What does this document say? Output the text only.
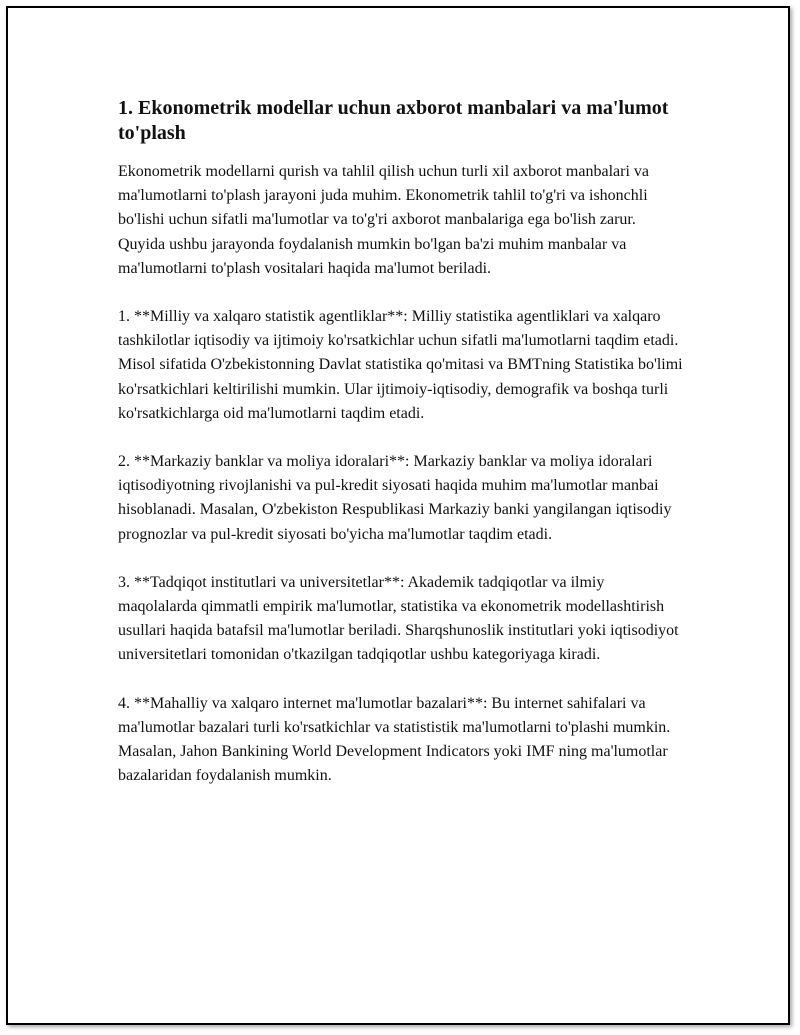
1. Ekonometrik modellar uchun axborot manbalari va ma'lumot to'plash

Ekonometrik modellarni qurish va tahlil qilish uchun turli xil axborot manbalari va ma'lumotlarni to'plash jarayoni juda muhim. Ekonometrik tahlil to'g'ri va ishonchli bo'lishi uchun sifatli ma'lumotlar va to'g'ri axborot manbalariga ega bo'lish zarur. Quyida ushbu jarayonda foydalanish mumkin bo'lgan ba'zi muhim manbalar va ma'lumotlarni to'plash vositalari haqida ma'lumot beriladi.

1. **Milliy va xalqaro statistik agentliklar**: Milliy statistika agentliklari va xalqaro tashkilotlar iqtisodiy va ijtimoiy ko'rsatkichlar uchun sifatli ma'lumotlarni taqdim etadi. Misol sifatida O'zbekistonning Davlat statistika qo'mitasi va BMTning Statistika bo'limi ko'rsatkichlari keltirilishi mumkin. Ular ijtimoiy-iqtisodiy, demografik va boshqa turli ko'rsatkichlarga oid ma'lumotlarni taqdim etadi.

2. **Markaziy banklar va moliya idoralari**: Markaziy banklar va moliya idoralari iqtisodiyotning rivojlanishi va pul-kredit siyosati haqida muhim ma'lumotlar manbai hisoblanadi. Masalan, O'zbekiston Respublikasi Markaziy banki yangilangan iqtisodiy prognozlar va pul-kredit siyosati bo'yicha ma'lumotlar taqdim etadi.

3. **Tadqiqot institutlari va universitetlar**: Akademik tadqiqotlar va ilmiy maqolalarda qimmatli empirik ma'lumotlar, statistika va ekonometrik modellashtirish usullari haqida batafsil ma'lumotlar beriladi. Sharqshunoslik institutlari yoki iqtisodiyot universitetlari tomonidan o'tkazilgan tadqiqotlar ushbu kategoriyaga kiradi.

4. **Mahalliy va xalqaro internet ma'lumotlar bazalari**: Bu internet sahifalari va ma'lumotlar bazalari turli ko'rsatkichlar va statististik ma'lumotlarni to'plashi mumkin. Masalan, Jahon Bankining World Development Indicators yoki IMF ning ma'lumotlar bazalaridan foydalanish mumkin.
